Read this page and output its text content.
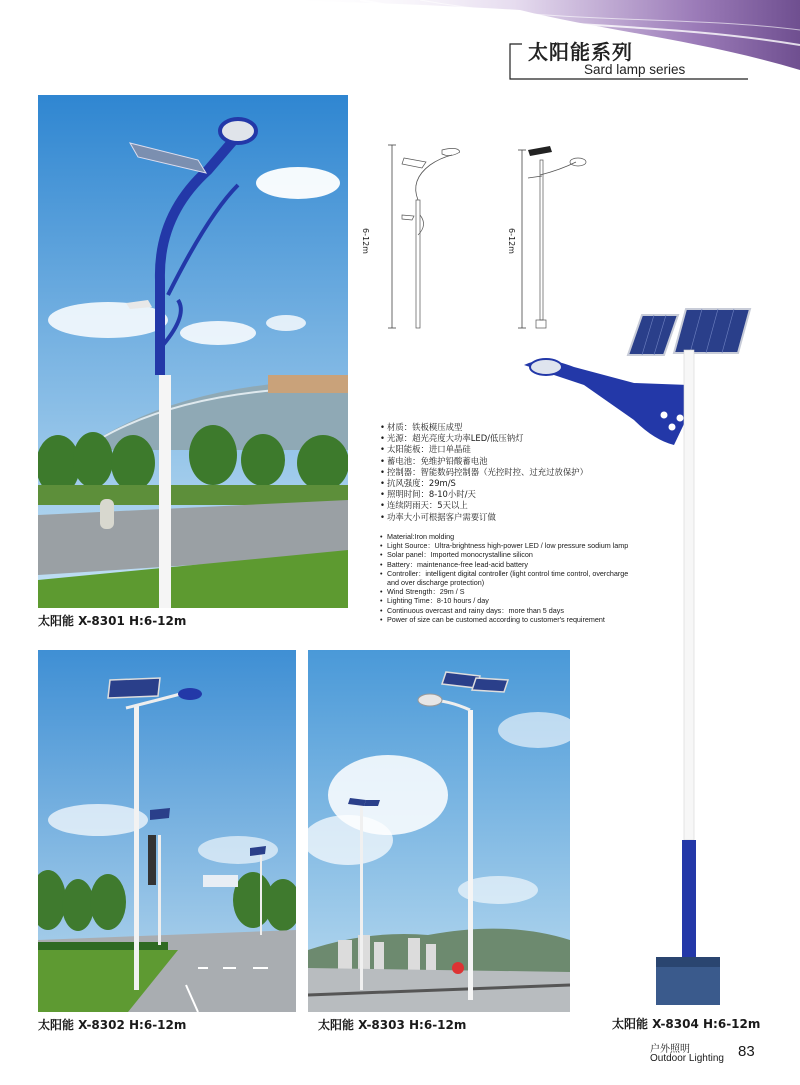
太阳能系列
Sard lamp series
太阳能 X-8301 H:6-12m
6-12m	6-12m
• 材质：铁板模压成型
• 光源：超光亮度大功率LED/低压钠灯
• 太阳能板：进口单晶硅
• 蓄电池：免维护铅酸蓄电池
• 控制器：智能数码控制器（光控时控、过充过放保护）
• 抗风强度：29m/S
• 照明时间：8-10小时/天
• 连续阴雨天：5天以上
• 功率大小可根据客户需要订做
• Material:Iron molding
• Light Source：Ultra-brightness high-power LED / low pressure sodium lamp
• Solar panel：Imported monocrystalline silicon
• Battery：maintenance-free lead-acid battery
• Controller：intelligent digital controller (light control time control, overcharge and over discharge protection)
• Wind Strength：29m / S
• Lighting Time：8-10 hours / day
• Continuous overcast and rainy days：more than 5 days
• Power of size can be customed according to customer's requirement
太阳能 X-8304 H:6-12m
太阳能 X-8302 H:6-12m	太阳能 X-8303 H:6-12m
户外照明
Outdoor Lighting 83
